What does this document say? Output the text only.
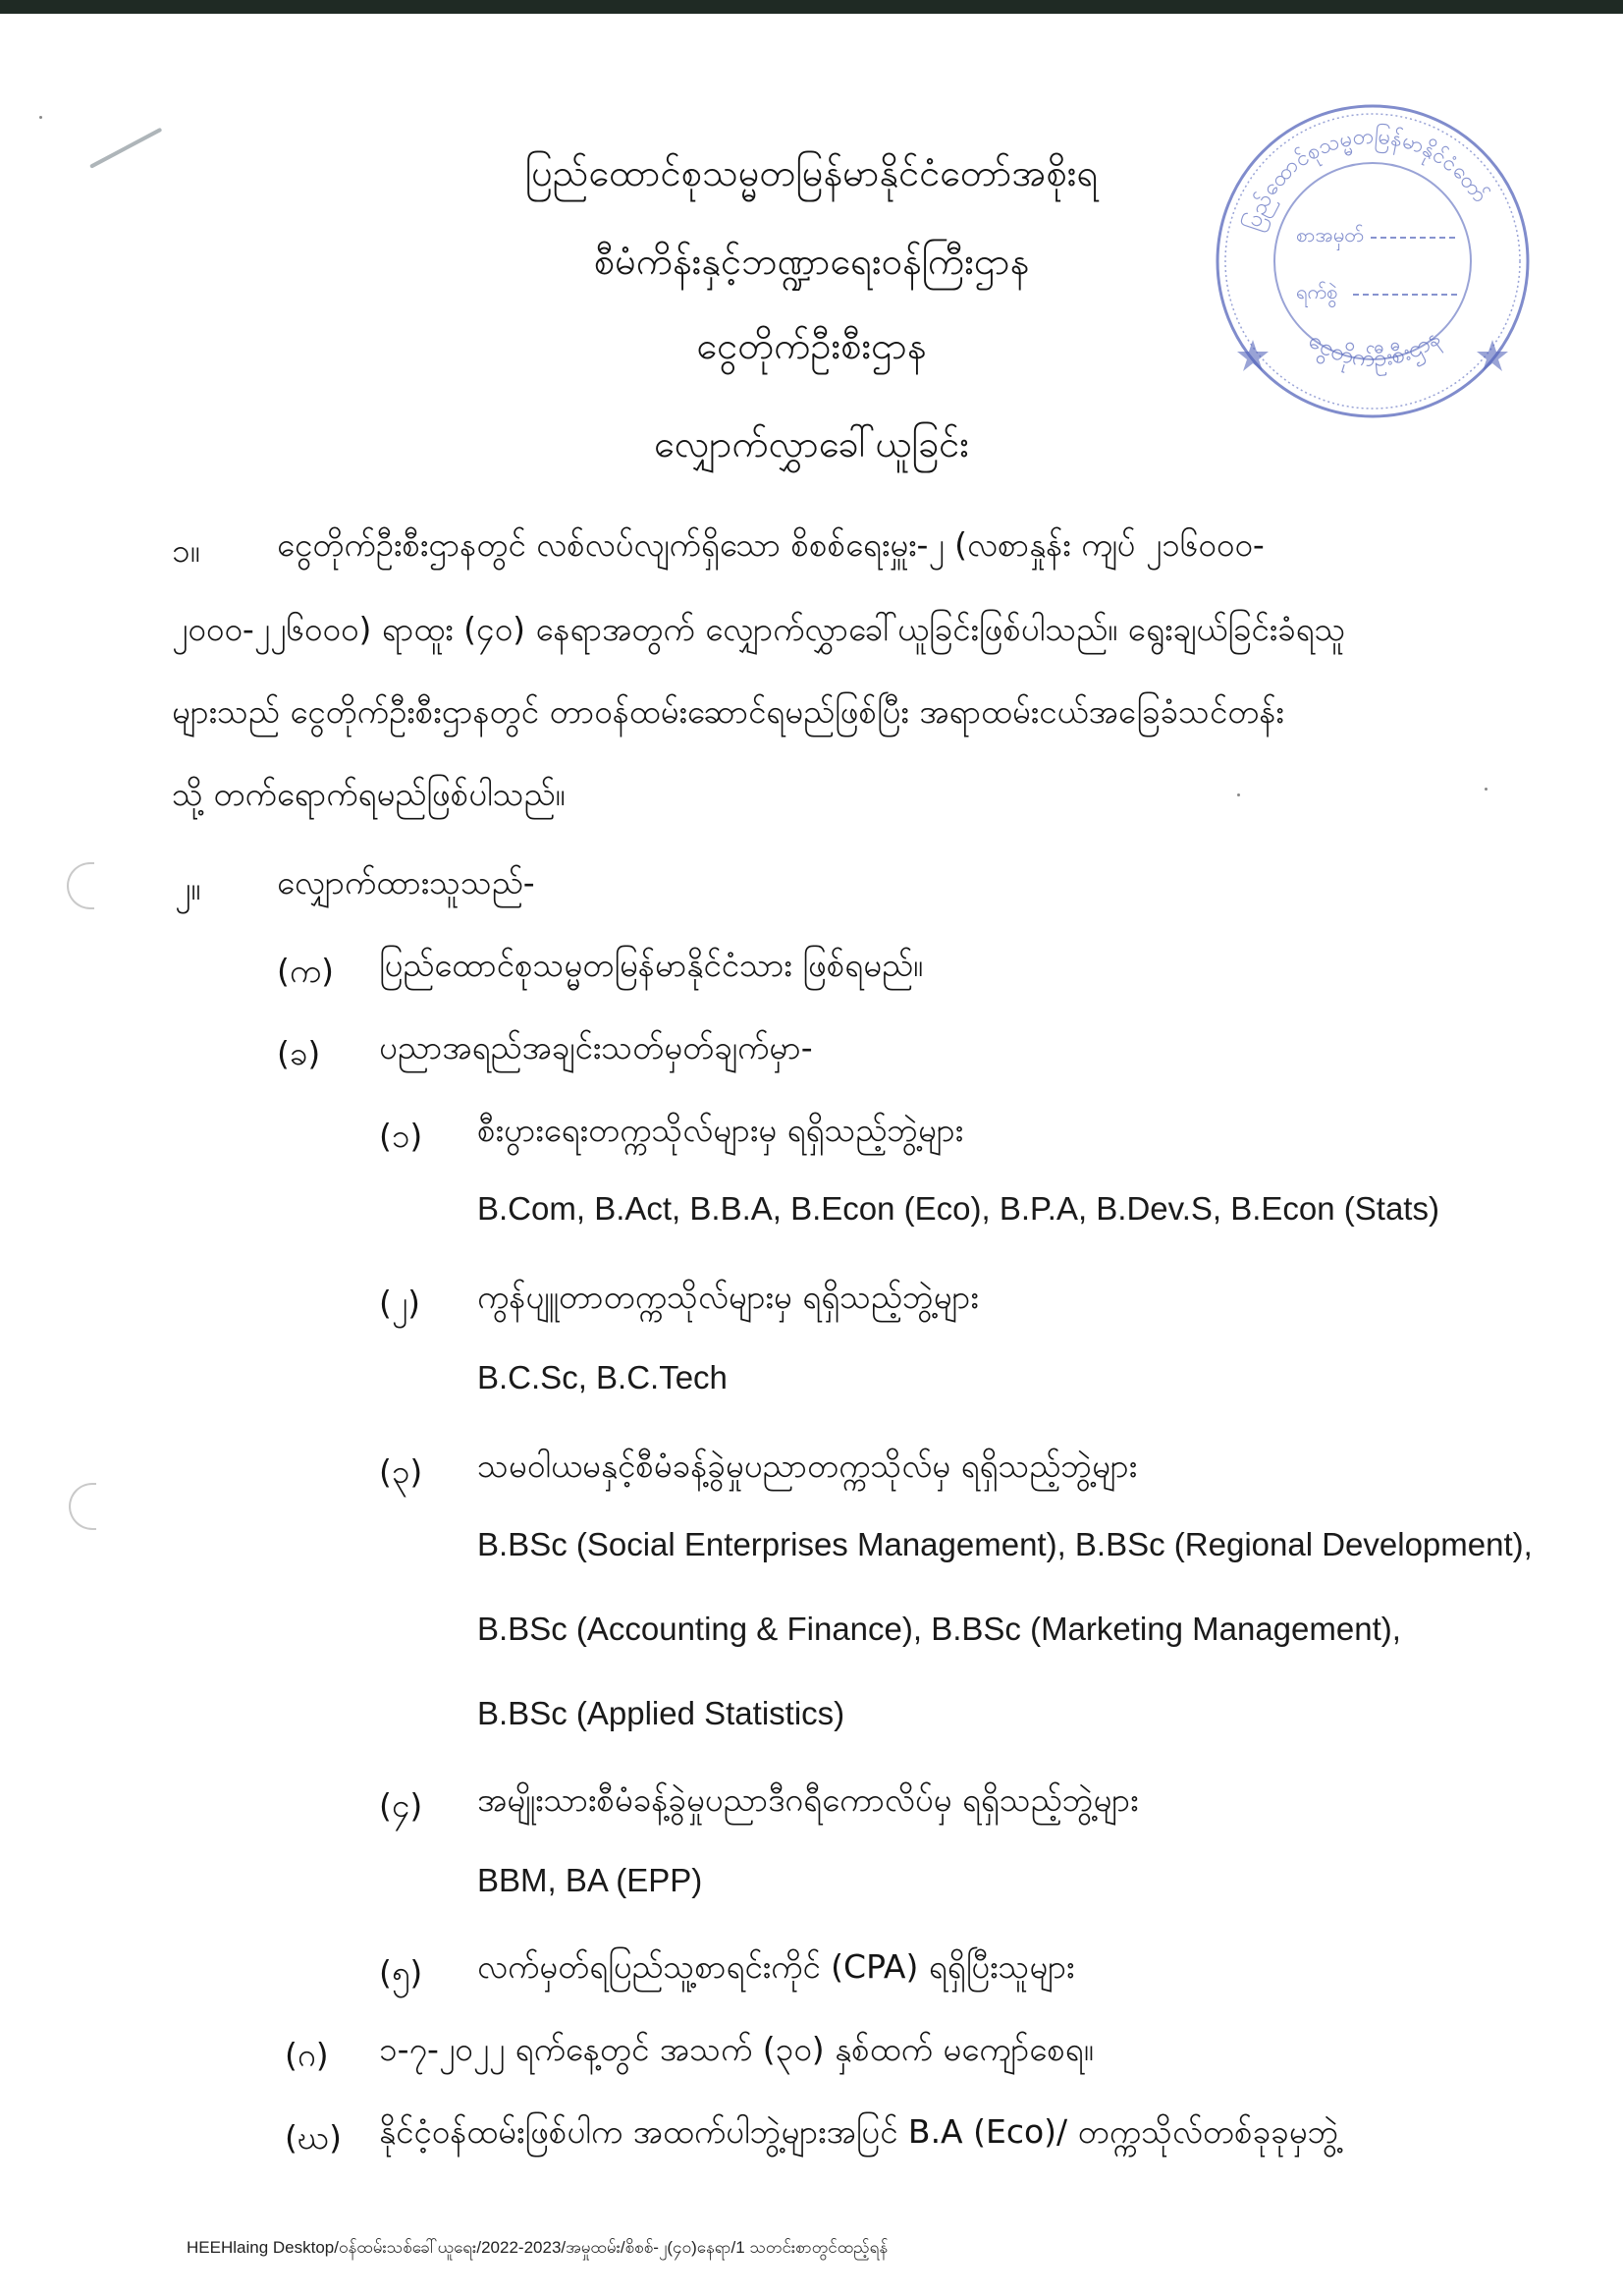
ပြည်ထောင်စုသမ္မတမြန်မာနိုင်ငံတော်
ငွေတိုက်ဦးစီးဌာန
စာအမှတ်
ရက်စွဲ
ပြည်ထောင်စုသမ္မတမြန်မာနိုင်ငံတော်အစိုးရ
စီမံကိန်းနှင့်ဘဏ္ဍာရေးဝန်ကြီးဌာန
ငွေတိုက်ဦးစီးဌာန
လျှောက်လွှာခေါ်ယူခြင်း
၁။ ငွေတိုက်ဦးစီးဌာနတွင် လစ်လပ်လျက်ရှိသော စိစစ်ရေးမှူး-၂ (လစာနှုန်း ကျပ် ၂၁၆၀၀၀-
၂၀၀၀-၂၂၆၀၀၀) ရာထူး (၄၀) နေရာအတွက် လျှောက်လွှာခေါ်ယူခြင်းဖြစ်ပါသည်။ ရွေးချယ်ခြင်းခံရသူ
များသည် ငွေတိုက်ဦးစီးဌာနတွင် တာဝန်ထမ်းဆောင်ရမည်ဖြစ်ပြီး အရာထမ်းငယ်အခြေခံသင်တန်း
သို့ တက်ရောက်ရမည်ဖြစ်ပါသည်။
၂။ လျှောက်ထားသူသည်-
(က) ပြည်ထောင်စုသမ္မတမြန်မာနိုင်ငံသား ဖြစ်ရမည်။
(ခ) ပညာအရည်အချင်းသတ်မှတ်ချက်မှာ-
(၁) စီးပွားရေးတက္ကသိုလ်များမှ ရရှိသည့်ဘွဲ့များ
B.Com, B.Act, B.B.A, B.Econ (Eco), B.P.A, B.Dev.S, B.Econ (Stats)
(၂) ကွန်ပျူတာတက္ကသိုလ်များမှ ရရှိသည့်ဘွဲ့များ
B.C.Sc, B.C.Tech
(၃) သမဝါယမနှင့်စီမံခန့်ခွဲမှုပညာတက္ကသိုလ်မှ ရရှိသည့်ဘွဲ့များ
B.BSc (Social Enterprises Management), B.BSc (Regional Development),
B.BSc (Accounting & Finance), B.BSc (Marketing Management),
B.BSc (Applied Statistics)
(၄) အမျိုးသားစီမံခန့်ခွဲမှုပညာဒီဂရီကောလိပ်မှ ရရှိသည့်ဘွဲ့များ
BBM, BA (EPP)
(၅) လက်မှတ်ရပြည်သူ့စာရင်းကိုင် (CPA) ရရှိပြီးသူများ
(ဂ) ၁-၇-၂၀၂၂ ရက်နေ့တွင် အသက် (၃၀) နှစ်ထက် မကျော်စေရ။
(ဃ) နိုင်ငံ့ဝန်ထမ်းဖြစ်ပါက အထက်ပါဘွဲ့များအပြင် B.A (Eco)/ တက္ကသိုလ်တစ်ခုခုမှဘွဲ့
HEEHlaing Desktop/ဝန်ထမ်းသစ်ခေါ်ယူရေး/2022-2023/အမှုထမ်း/စိစစ်-၂(၄၀)နေရာ/1 သတင်းစာတွင်ထည့်ရန်
